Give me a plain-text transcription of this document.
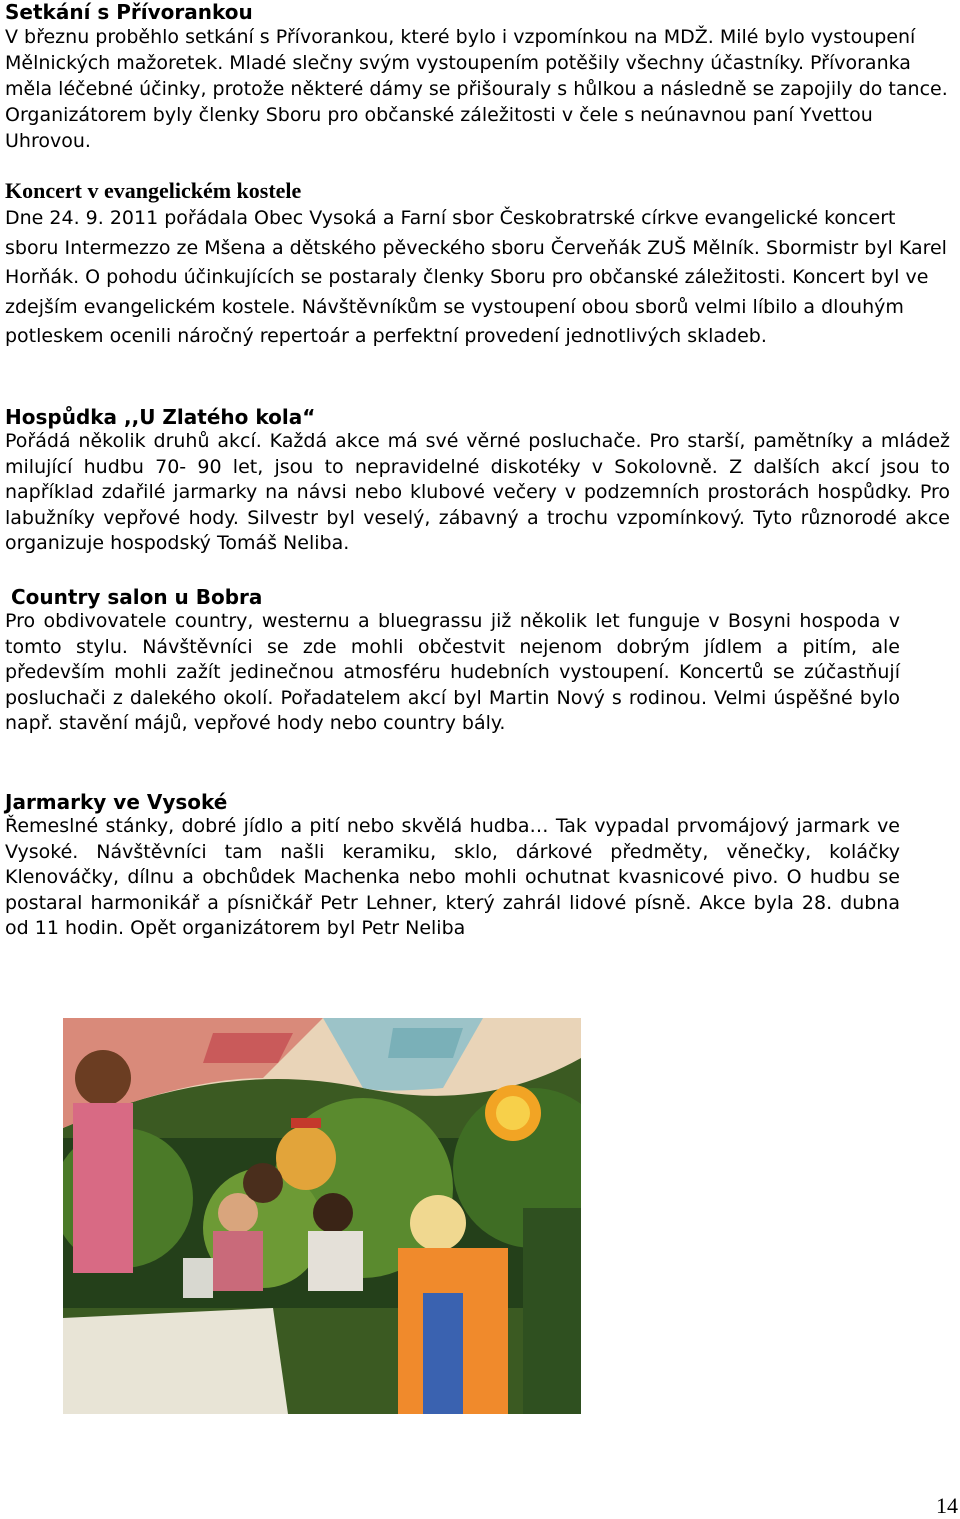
Setkání s Přívorankou

V březnu proběhlo setkání s Přívorankou, které bylo i vzpomínkou na MDŽ. Milé bylo vystoupení Mělnických mažoretek. Mladé slečny svým vystoupením potěšily všechny účastníky. Přívoranka měla léčebné účinky, protože některé dámy se přišouraly s hůlkou a následně se zapojily do tance. Organizátorem byly členky Sboru pro občanské záležitosti v čele s neúnavnou paní Yvettou Uhrovou.

Koncert v evangelickém kostele

Dne 24. 9. 2011 pořádala Obec Vysoká a Farní sbor Českobratrské církve evangelické koncert sboru Intermezzo ze Mšena a dětského pěveckého sboru Červeňák ZUŠ Mělník. Sbormistr byl Karel Horňák. O pohodu účinkujících se postaraly členky Sboru pro občanské záležitosti. Koncert byl ve zdejším evangelickém kostele. Návštěvníkům se vystoupení obou sborů velmi líbilo a dlouhým potleskem ocenili náročný repertoár a perfektní provedení jednotlivých skladeb.

Hospůdka ,,U Zlatého kola“

Pořádá několik druhů akcí. Každá akce má své věrné posluchače. Pro starší, pamětníky a mládež milující hudbu 70- 90 let, jsou to nepravidelné diskotéky v Sokolovně. Z dalších akcí jsou to například zdařilé jarmarky na návsi nebo klubové večery v podzemních prostorách hospůdky. Pro labužníky vepřové hody. Silvestr byl veselý, zábavný a trochu vzpomínkový. Tyto různorodé akce organizuje hospodský Tomáš Neliba.

Country salon u Bobra

Pro obdivovatele country, westernu a bluegrassu již několik let funguje v Bosyni hospoda v tomto stylu. Návštěvníci se zde mohli občestvit nejenom dobrým jídlem a pitím, ale především mohli zažít jedinečnou atmosféru hudebních vystoupení. Koncertů se zúčastňují posluchači z dalekého okolí. Pořadatelem akcí byl Martin Nový s rodinou. Velmi úspěšné bylo např. stavění májů, vepřové hody nebo country bály.

Jarmarky ve Vysoké

Řemeslné stánky, dobré jídlo a pití nebo skvělá hudba… Tak vypadal prvomájový jarmark ve Vysoké. Návštěvníci tam našli keramiku, sklo, dárkové předměty, věnečky, koláčky Klenováčky, dílnu a obchůdek Machenka nebo mohli ochutnat kvasnicové pivo. O hudbu se postaral harmonikář a písničkář Petr Lehner, který zahrál lidové písně. Akce byla 28. dubna od 11 hodin. Opět organizátorem byl Petr Neliba

14
